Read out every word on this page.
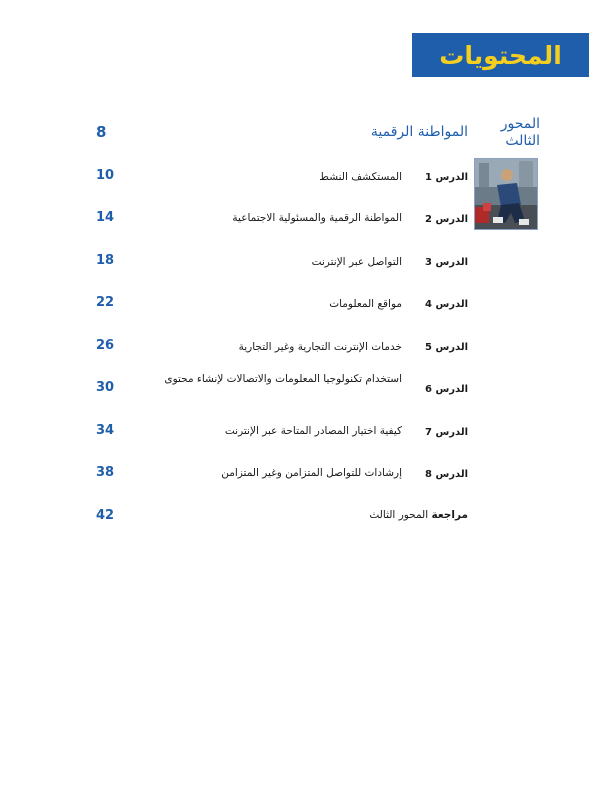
المحتويات
المحور الثالث
المواطنة الرقمية
8
الدرس 1
المستكشف النشط
10
الدرس 2
المواطنة الرقمية والمسئولية الاجتماعية
14
الدرس 3
التواصل عبر الإنترنت
18
الدرس 4
مواقع المعلومات
22
الدرس 5
خدمات الإنترنت التجارية وغير التجارية
26
الدرس 6
استخدام تكنولوجيا المعلومات والاتصالات لإنشاء محتوى
30
الدرس 7
كيفية اختيار المصادر المتاحة عبر الإنترنت
34
الدرس 8
إرشادات للتواصل المتزامن وغير المتزامن
38
مراجعة المحور الثالث
42
